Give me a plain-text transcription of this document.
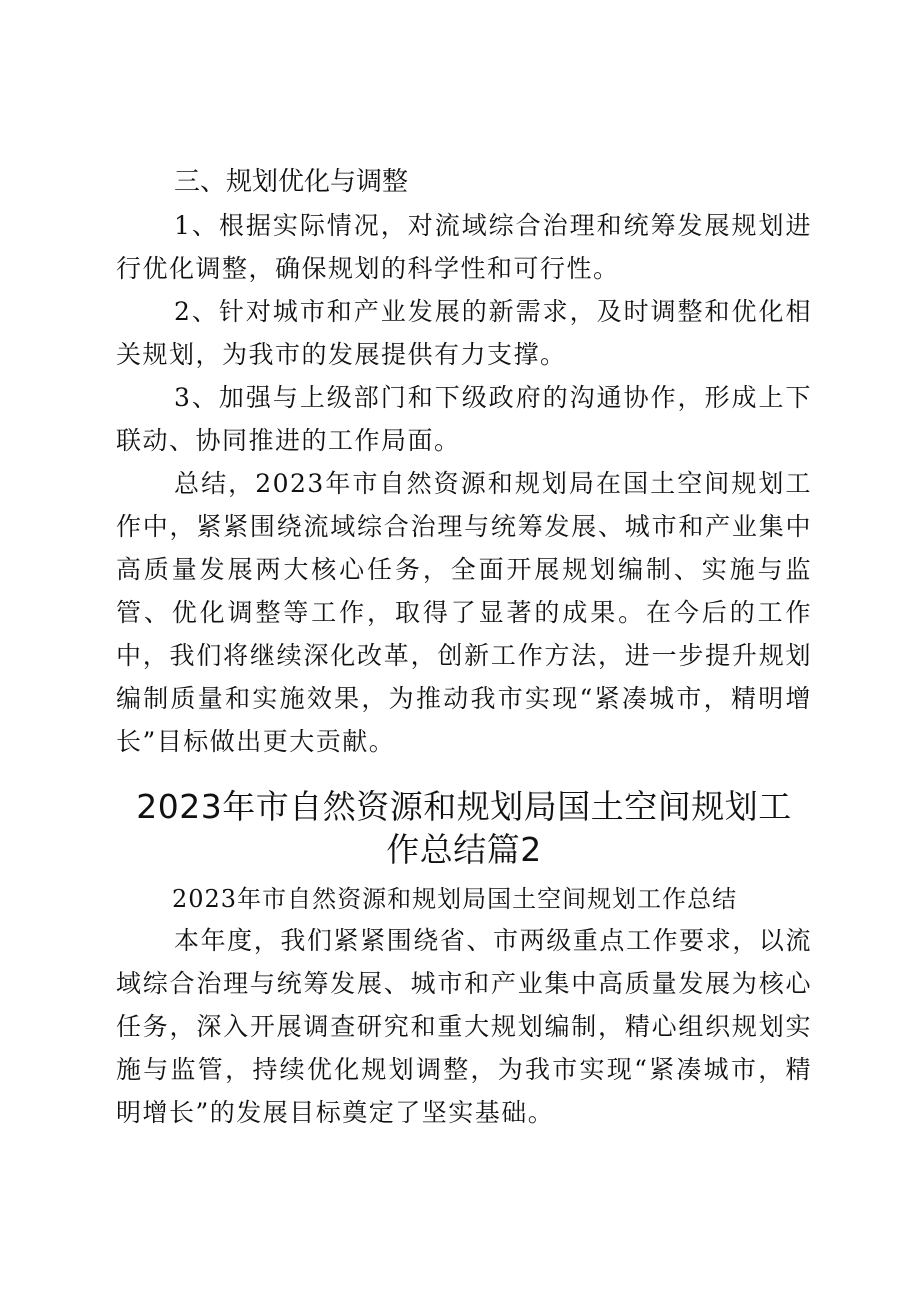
三、规划优化与调整

1、根据实际情况，对流域综合治理和统筹发展规划进行优化调整，确保规划的科学性和可行性。

2、针对城市和产业发展的新需求，及时调整和优化相关规划，为我市的发展提供有力支撑。

3、加强与上级部门和下级政府的沟通协作，形成上下联动、协同推进的工作局面。

总结，2023年市自然资源和规划局在国土空间规划工作中，紧紧围绕流域综合治理与统筹发展、城市和产业集中高质量发展两大核心任务，全面开展规划编制、实施与监管、优化调整等工作，取得了显著的成果。在今后的工作中，我们将继续深化改革，创新工作方法，进一步提升规划编制质量和实施效果，为推动我市实现“紧凑城市，精明增长”目标做出更大贡献。

2023年市自然资源和规划局国土空间规划工
作总结篇2

2023年市自然资源和规划局国土空间规划工作总结

本年度，我们紧紧围绕省、市两级重点工作要求，以流域综合治理与统筹发展、城市和产业集中高质量发展为核心任务，深入开展调查研究和重大规划编制，精心组织规划实施与监管，持续优化规划调整，为我市实现“紧凑城市，精明增长”的发展目标奠定了坚实基础。
